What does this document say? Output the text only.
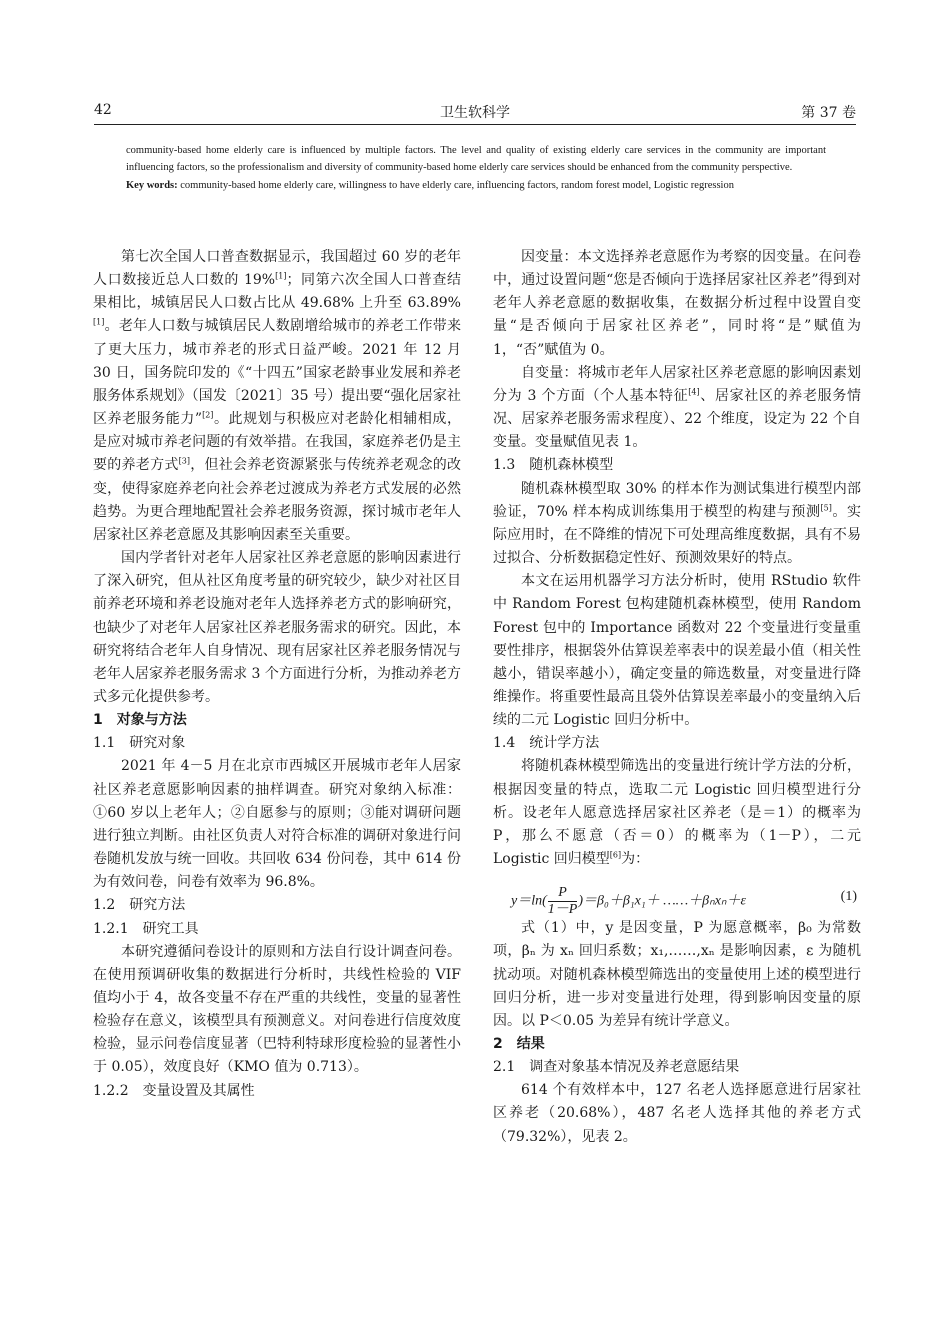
42	卫生软科学	第 37 卷

community-based home elderly care is influenced by multiple factors. The level and quality of existing elderly care services in the community are important influencing factors, so the professionalism and diversity of community-based home elderly care services should be enhanced from the community perspective.

Key words: community-based home elderly care, willingness to have elderly care, influencing factors, random forest model, Logistic regression

第七次全国人口普查数据显示，我国超过 60 岁的老年人口数接近总人口数的 19%[1]；同第六次全国人口普查结果相比，城镇居民人口数占比从 49.68% 上升至 63.89%[1]。老年人口数与城镇居民人数剧增给城市的养老工作带来了更大压力，城市养老的形式日益严峻。2021 年 12 月 30 日，国务院印发的《“十四五”国家老龄事业发展和养老服务体系规划》（国发〔2021〕35 号）提出要“强化居家社区养老服务能力”[2]。此规划与积极应对老龄化相辅相成，是应对城市养老问题的有效举措。在我国，家庭养老仍是主要的养老方式[3]，但社会养老资源紧张与传统养老观念的改变，使得家庭养老向社会养老过渡成为养老方式发展的必然趋势。为更合理地配置社会养老服务资源，探讨城市老年人居家社区养老意愿及其影响因素至关重要。

国内学者针对老年人居家社区养老意愿的影响因素进行了深入研究，但从社区角度考量的研究较少，缺少对社区目前养老环境和养老设施对老年人选择养老方式的影响研究，也缺少了对老年人居家社区养老服务需求的研究。因此，本研究将结合老年人自身情况、现有居家社区养老服务情况与老年人居家养老服务需求 3 个方面进行分析，为推动养老方式多元化提供参考。

1　对象与方法

1.1　研究对象

2021 年 4－5 月在北京市西城区开展城市老年人居家社区养老意愿影响因素的抽样调查。研究对象纳入标准：①60 岁以上老年人；②自愿参与的原则；③能对调研问题进行独立判断。由社区负责人对符合标准的调研对象进行问卷随机发放与统一回收。共回收 634 份问卷，其中 614 份为有效问卷，问卷有效率为 96.8%。

1.2　研究方法

1.2.1　研究工具

本研究遵循问卷设计的原则和方法自行设计调查问卷。在使用预调研收集的数据进行分析时，共线性检验的 VIF 值均小于 4，故各变量不存在严重的共线性，变量的显著性检验存在意义，该模型具有预测意义。对问卷进行信度效度检验，显示问卷信度显著（巴特利特球形度检验的显著性小于 0.05），效度良好（KMO 值为 0.713）。

1.2.2　变量设置及其属性

因变量：本文选择养老意愿作为考察的因变量。在问卷中，通过设置问题“您是否倾向于选择居家社区养老”得到对老年人养老意愿的数据收集，在数据分析过程中设置自变量“是否倾向于居家社区养老”，同时将“是”赋值为 1，“否”赋值为 0。

自变量：将城市老年人居家社区养老意愿的影响因素划分为 3 个方面（个人基本特征[4]、居家社区的养老服务情况、居家养老服务需求程度）、22 个维度，设定为 22 个自变量。变量赋值见表 1。

1.3　随机森林模型

随机森林模型取 30% 的样本作为测试集进行模型内部验证，70% 样本构成训练集用于模型的构建与预测[5]。实际应用时，在不降维的情况下可处理高维度数据，具有不易过拟合、分析数据稳定性好、预测效果好的特点。

本文在运用机器学习方法分析时，使用 RStudio 软件中 Random Forest 包构建随机森林模型，使用 Random Forest 包中的 Importance 函数对 22 个变量进行变量重要性排序，根据袋外估算误差率表中的误差最小值（相关性越小，错误率越小），确定变量的筛选数量，对变量进行降维操作。将重要性最高且袋外估算误差率最小的变量纳入后续的二元 Logistic 回归分析中。

1.4　统计学方法

将随机森林模型筛选出的变量进行统计学方法的分析，根据因变量的特点，选取二元 Logistic 回归模型进行分析。设老年人愿意选择居家社区养老（是＝1）的概率为 P，那么不愿意（否＝0）的概率为（1－P），二元 Logistic 回归模型[6]为：

$y=\ln( \frac{P}{1-P} )=\beta_0+\beta_1x_1+$ ……＋βₙxₙ＋ε	(1)

式（1）中，y 是因变量，P 为愿意概率，β₀ 为常数项，βₙ 为 xₙ 回归系数；x₁,……,xₙ 是影响因素，ε 为随机扰动项。对随机森林模型筛选出的变量使用上述的模型进行回归分析，进一步对变量进行处理，得到影响因变量的原因。以 P＜0.05 为差异有统计学意义。

2　结果

2.1　调查对象基本情况及养老意愿结果

614 个有效样本中，127 名老人选择愿意进行居家社区养老（20.68%），487 名老人选择其他的养老方式（79.32%），见表 2。
